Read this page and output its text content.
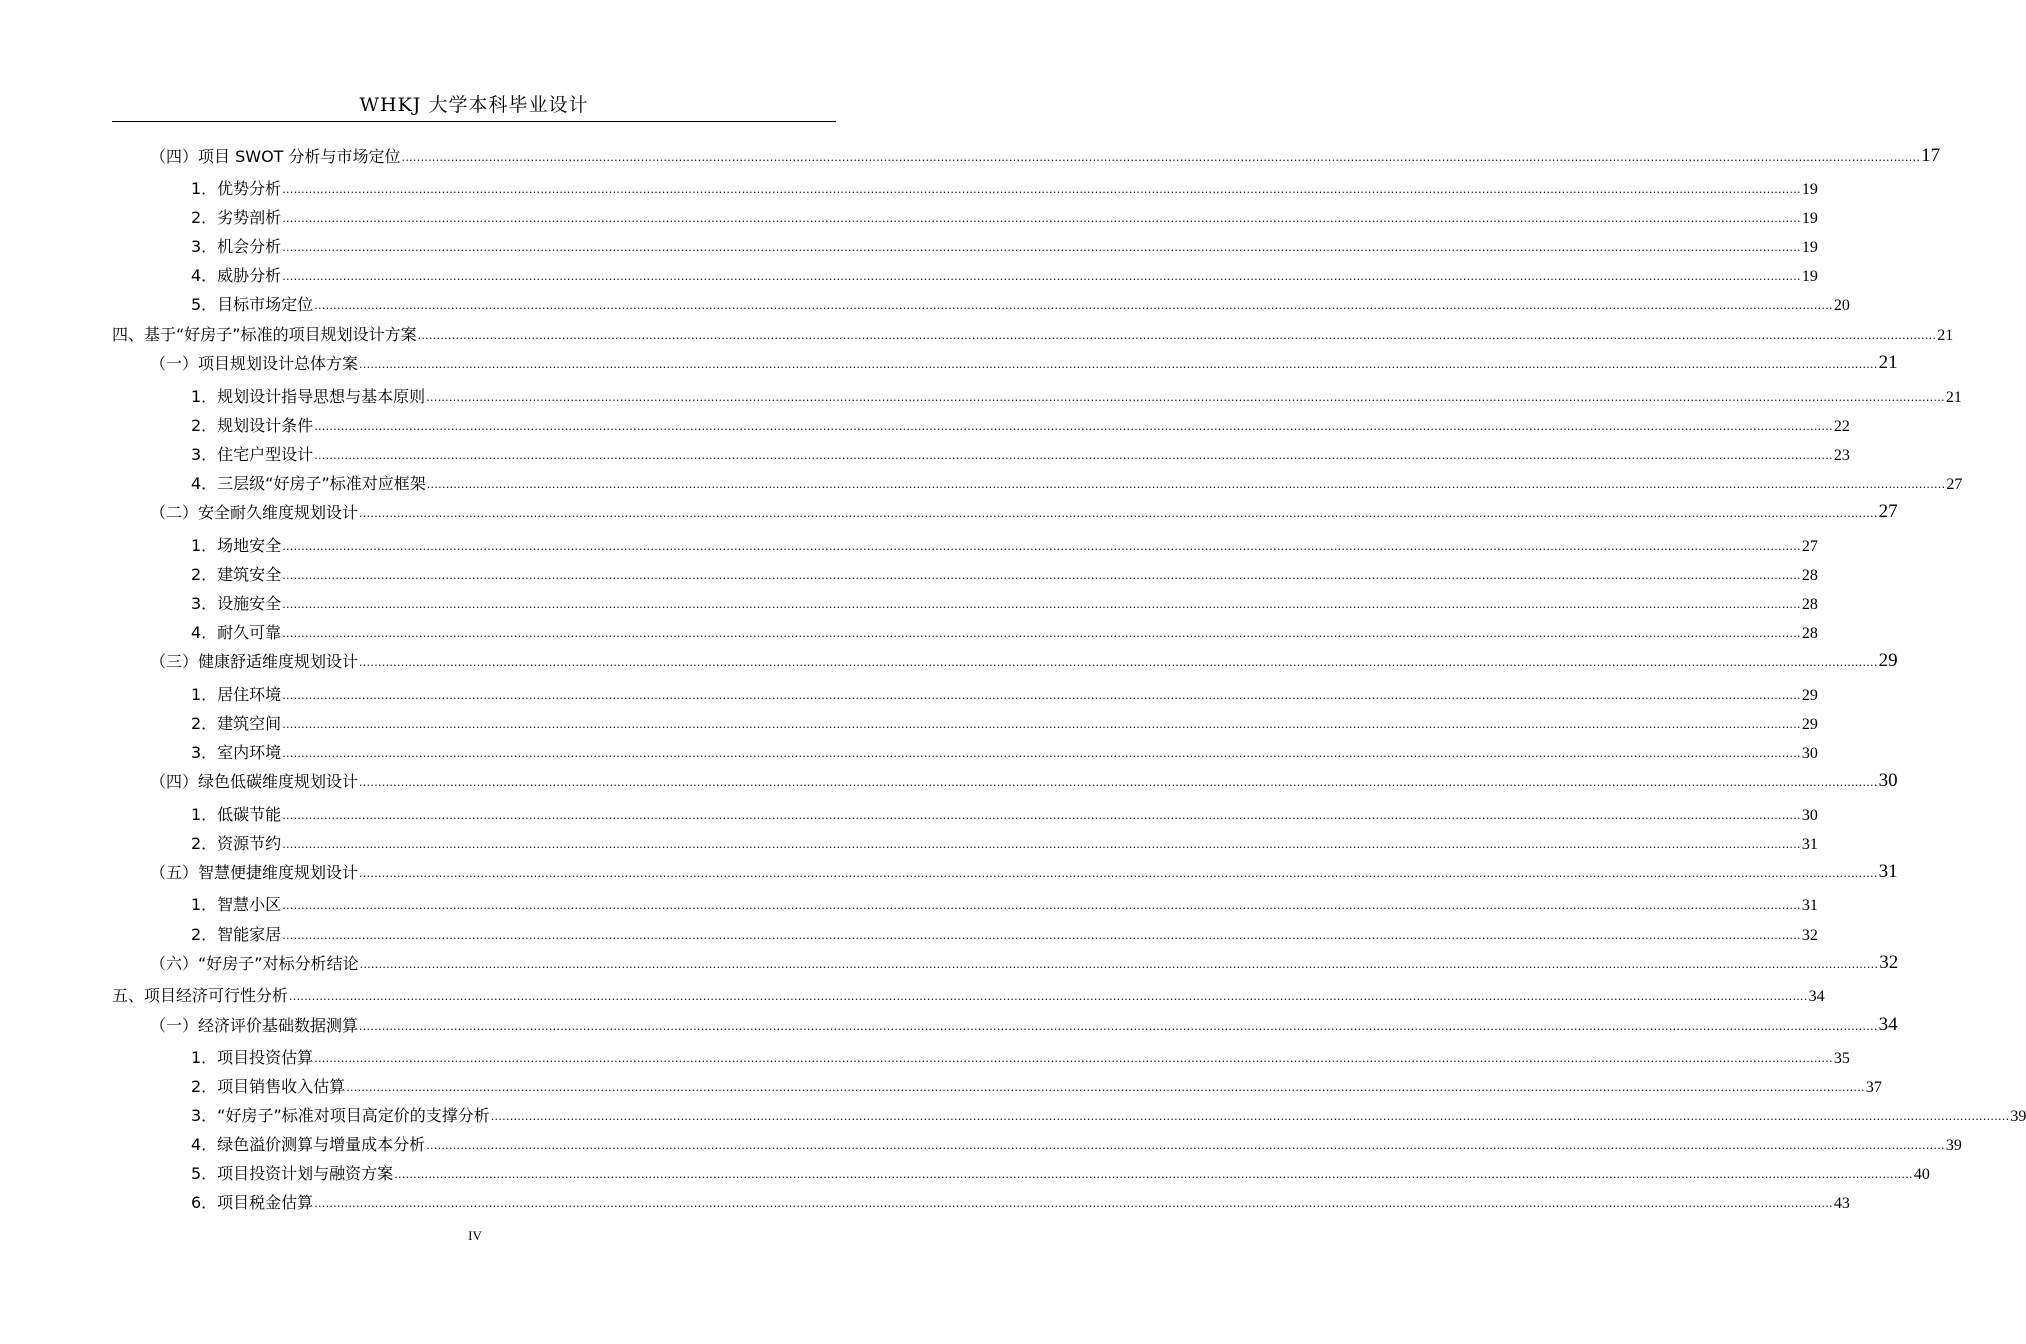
WHKJ 大学本科毕业设计
（四）项目 SWOT 分析与市场定位 ................................................................................................................................................................................................................................................................................................................................................................................................................ 17
1．优势分析 ................................................................................................................................................................................................................................................................................................................................................................................................................ 19
2．劣势剖析 ................................................................................................................................................................................................................................................................................................................................................................................................................ 19
3．机会分析 ................................................................................................................................................................................................................................................................................................................................................................................................................ 19
4．威胁分析 ................................................................................................................................................................................................................................................................................................................................................................................................................ 19
5．目标市场定位 ................................................................................................................................................................................................................................................................................................................................................................................................................ 20
四、基于“好房子”标准的项目规划设计方案 ................................................................................................................................................................................................................................................................................................................................................................................................................ 21
（一）项目规划设计总体方案 ................................................................................................................................................................................................................................................................................................................................................................................................................ 21
1．规划设计指导思想与基本原则 ................................................................................................................................................................................................................................................................................................................................................................................................................ 21
2．规划设计条件 ................................................................................................................................................................................................................................................................................................................................................................................................................ 22
3．住宅户型设计 ................................................................................................................................................................................................................................................................................................................................................................................................................ 23
4．三层级“好房子”标准对应框架 ................................................................................................................................................................................................................................................................................................................................................................................................................ 27
（二）安全耐久维度规划设计 ................................................................................................................................................................................................................................................................................................................................................................................................................ 27
1．场地安全 ................................................................................................................................................................................................................................................................................................................................................................................................................ 27
2．建筑安全 ................................................................................................................................................................................................................................................................................................................................................................................................................ 28
3．设施安全 ................................................................................................................................................................................................................................................................................................................................................................................................................ 28
4．耐久可靠 ................................................................................................................................................................................................................................................................................................................................................................................................................ 28
（三）健康舒适维度规划设计 ................................................................................................................................................................................................................................................................................................................................................................................................................ 29
1．居住环境 ................................................................................................................................................................................................................................................................................................................................................................................................................ 29
2．建筑空间 ................................................................................................................................................................................................................................................................................................................................................................................................................ 29
3．室内环境 ................................................................................................................................................................................................................................................................................................................................................................................................................ 30
（四）绿色低碳维度规划设计 ................................................................................................................................................................................................................................................................................................................................................................................................................ 30
1．低碳节能 ................................................................................................................................................................................................................................................................................................................................................................................................................ 30
2．资源节约 ................................................................................................................................................................................................................................................................................................................................................................................................................ 31
（五）智慧便捷维度规划设计 ................................................................................................................................................................................................................................................................................................................................................................................................................ 31
1．智慧小区 ................................................................................................................................................................................................................................................................................................................................................................................................................ 31
2．智能家居 ................................................................................................................................................................................................................................................................................................................................................................................................................ 32
（六）“好房子”对标分析结论 ................................................................................................................................................................................................................................................................................................................................................................................................................ 32
五、项目经济可行性分析 ................................................................................................................................................................................................................................................................................................................................................................................................................ 34
（一）经济评价基础数据测算 ................................................................................................................................................................................................................................................................................................................................................................................................................ 34
1．项目投资估算 ................................................................................................................................................................................................................................................................................................................................................................................................................ 35
2．项目销售收入估算 ................................................................................................................................................................................................................................................................................................................................................................................................................ 37
3．“好房子”标准对项目高定价的支撑分析 ................................................................................................................................................................................................................................................................................................................................................................................................................ 39
4．绿色溢价测算与增量成本分析 ................................................................................................................................................................................................................................................................................................................................................................................................................ 39
5．项目投资计划与融资方案 ................................................................................................................................................................................................................................................................................................................................................................................................................ 40
6．项目税金估算 ................................................................................................................................................................................................................................................................................................................................................................................................................ 43
IV
